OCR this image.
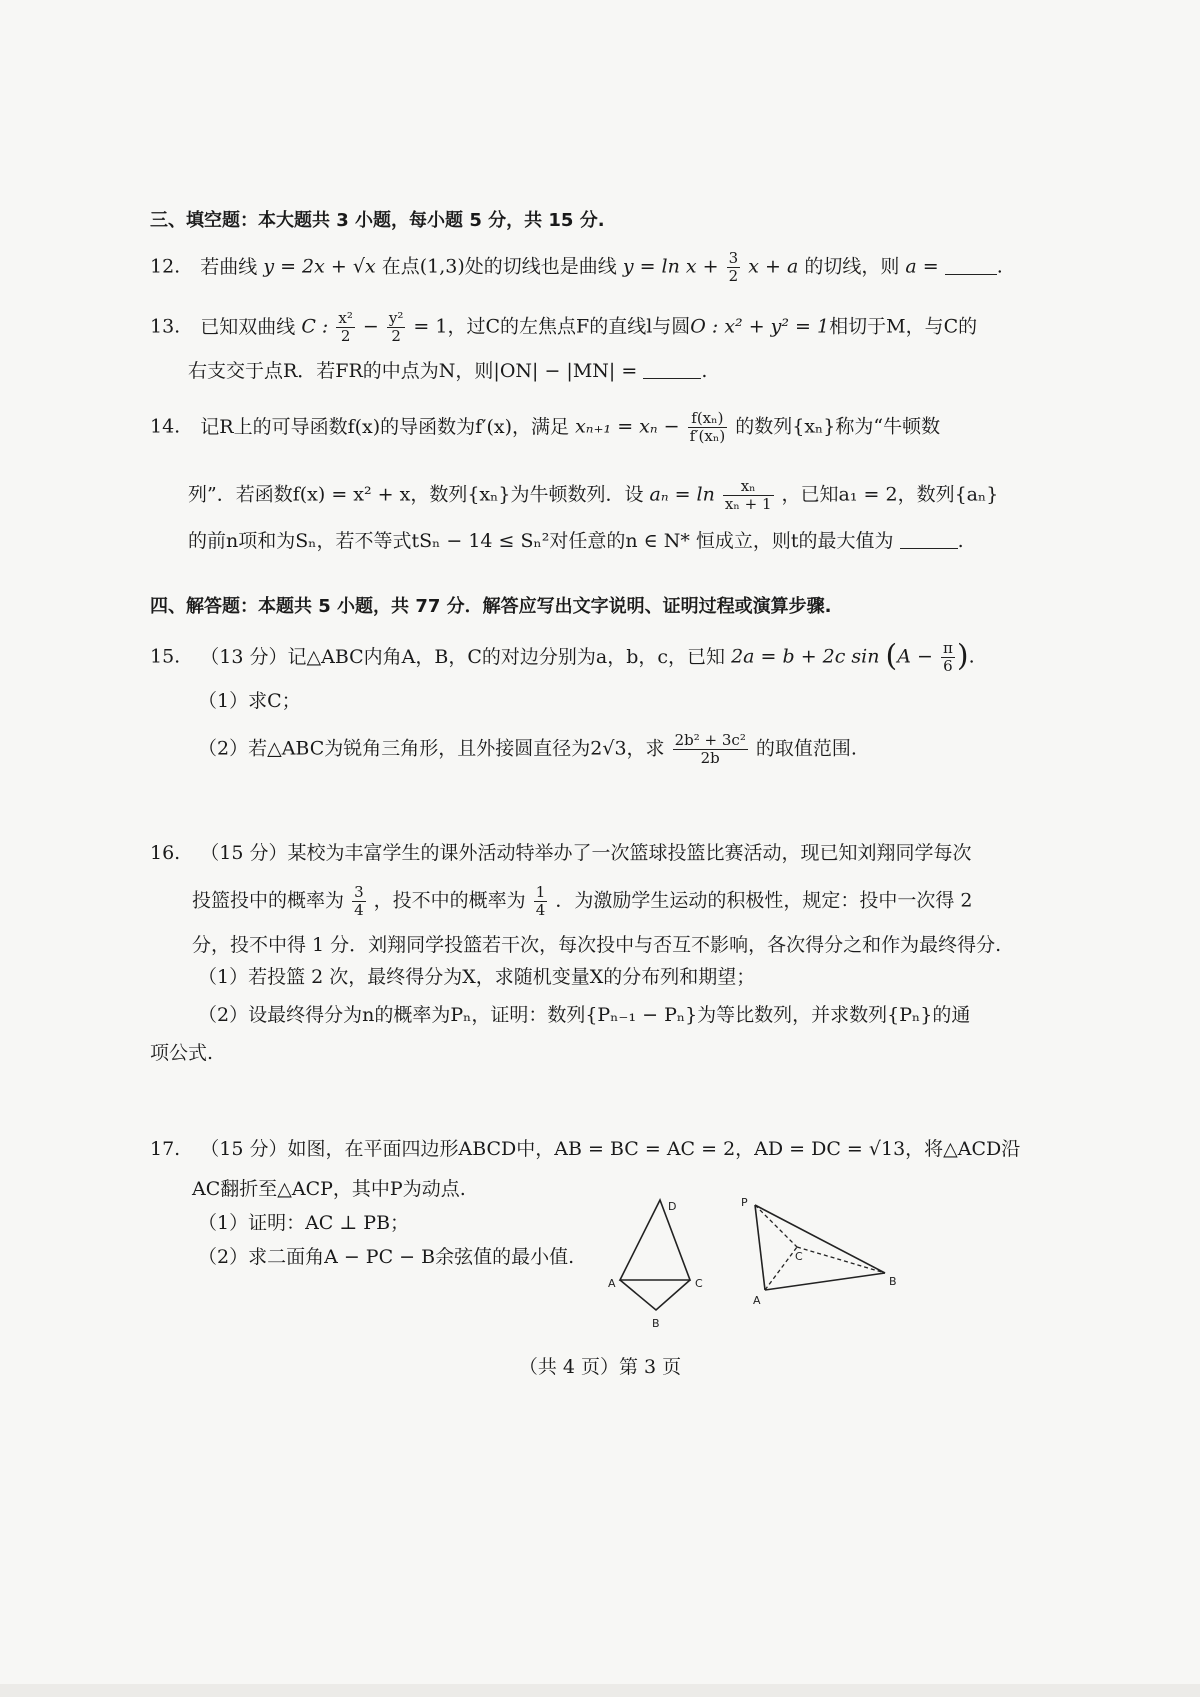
三、填空题：本大题共 3 小题，每小题 5 分，共 15 分.
12. 若曲线 y = 2x + √x 在点(1,3)处的切线也是曲线 $y = \ln x + \frac{3}{2}$ x + a 的切线，则 a =	.
13. 已知双曲线 C : $\frac{\text{x²}}{2} - \frac{\text{y²}}{2} = 1$，过C的左焦点F的直线l与圆O : x² + y² = 1相切于M，与C的
右支交于点R．若FR的中点为N，则|ON| − |MN| =	.
14. 记R上的可导函数f(x)的导函数为f′(x)，满足 $x_{n+1} = x_n - \frac{\text{f(xₙ)}}{\text{f′(xₙ)}}$ 的数列{xₙ}称为“牛顿数
列”．若函数f(x) = x² + x，数列{xₙ}为牛顿数列．设 $a_n = \ln \frac{\text{xₙ}}{\text{xₙ + 1}}$ ，已知a₁ = 2，数列{aₙ}
的前n项和为Sₙ，若不等式tSₙ − 14 ≤ Sₙ²对任意的n ∈ N* 恒成立，则t的最大值为	.
四、解答题：本题共 5 小题，共 77 分．解答应写出文字说明、证明过程或演算步骤.
15. （13 分）记△ABC内角A，B，C的对边分别为a，b，c，已知 2a = b + 2c $\sin (A - \frac{\pi}{6}$ ).
（1）求C；
（2）若△ABC为锐角三角形，且外接圆直径为2√3，求 $\frac{\text{2b² + 3c²}}{2b}$ 的取值范围.
16. （15 分）某校为丰富学生的课外活动特举办了一次篮球投篮比赛活动，现已知刘翔同学每次
投篮投中的概率为 $\frac{3}{4}$ ，投不中的概率为 $\frac{1}{4}$ ．为激励学生运动的积极性，规定：投中一次得 2
分，投不中得 1 分．刘翔同学投篮若干次，每次投中与否互不影响，各次得分之和作为最终得分.
（1）若投篮 2 次，最终得分为X，求随机变量X的分布列和期望；
（2）设最终得分为n的概率为Pₙ，证明：数列{Pₙ₋₁ − Pₙ}为等比数列，并求数列{Pₙ}的通
项公式.
17. （15 分）如图，在平面四边形ABCD中，AB = BC = AC = 2，AD = DC = √13，将△ACD沿
AC翻折至△ACP，其中P为动点.
（1）证明：AC ⊥ PB；
（2）求二面角A − PC − B余弦值的最小值.
D
A	C
B
P
C
A
B
（共 4 页）第 3 页
